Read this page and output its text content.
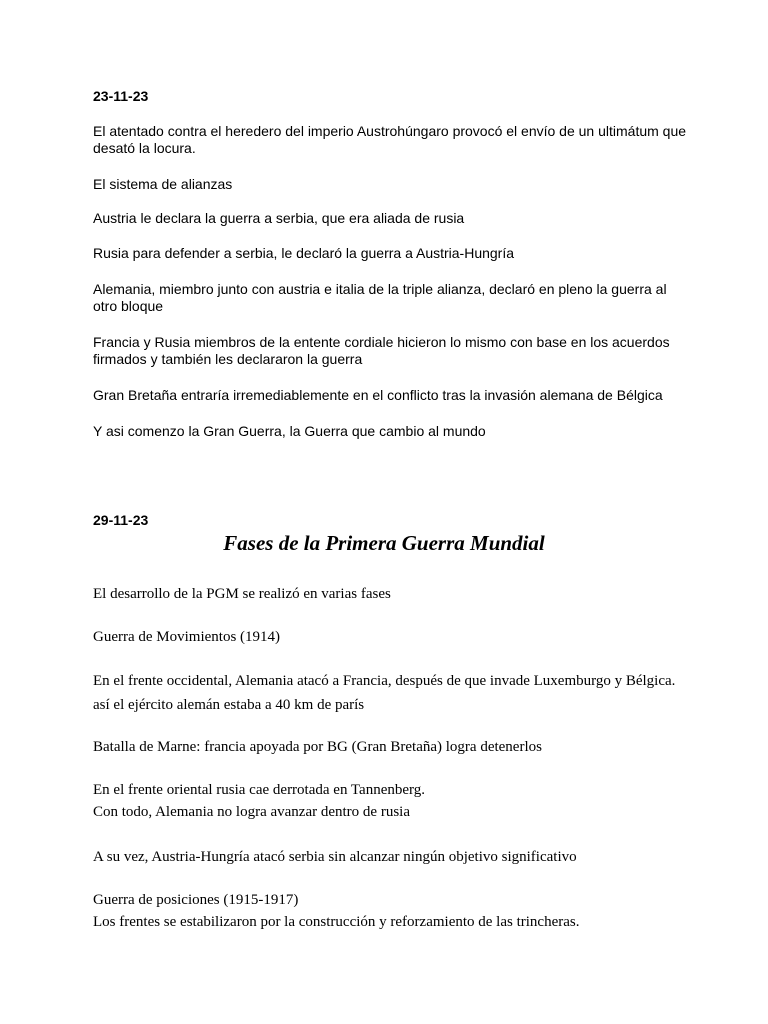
23-11-23

El atentado contra el heredero del imperio Austrohúngaro provocó el envío de un ultimátum que desató la locura.

El sistema de alianzas

Austria le declara la guerra a serbia, que era aliada de rusia

Rusia para defender a serbia, le declaró la guerra a Austria-Hungría

Alemania, miembro junto con austria e italia de la triple alianza, declaró en pleno la guerra al otro bloque

Francia y Rusia miembros de la entente cordiale hicieron lo mismo con base en los acuerdos firmados y también les declararon la guerra

Gran Bretaña entraría irremediablemente en el conflicto tras la invasión alemana de Bélgica

Y asi comenzo la Gran Guerra, la Guerra que cambio al mundo

29-11-23

Fases de la Primera Guerra Mundial

El desarrollo de la PGM se realizó en varias fases

Guerra de Movimientos (1914)

En el frente occidental, Alemania atacó a Francia, después de que invade Luxemburgo y Bélgica. así el ejército alemán estaba a 40 km de parís

Batalla de Marne: francia apoyada por BG (Gran Bretaña) logra detenerlos

En el frente oriental rusia cae derrotada en Tannenberg.

Con todo, Alemania no logra avanzar dentro de rusia

A su vez, Austria-Hungría atacó serbia sin alcanzar ningún objetivo significativo

Guerra de posiciones (1915-1917)

Los frentes se estabilizaron por la construcción y reforzamiento de las trincheras.
